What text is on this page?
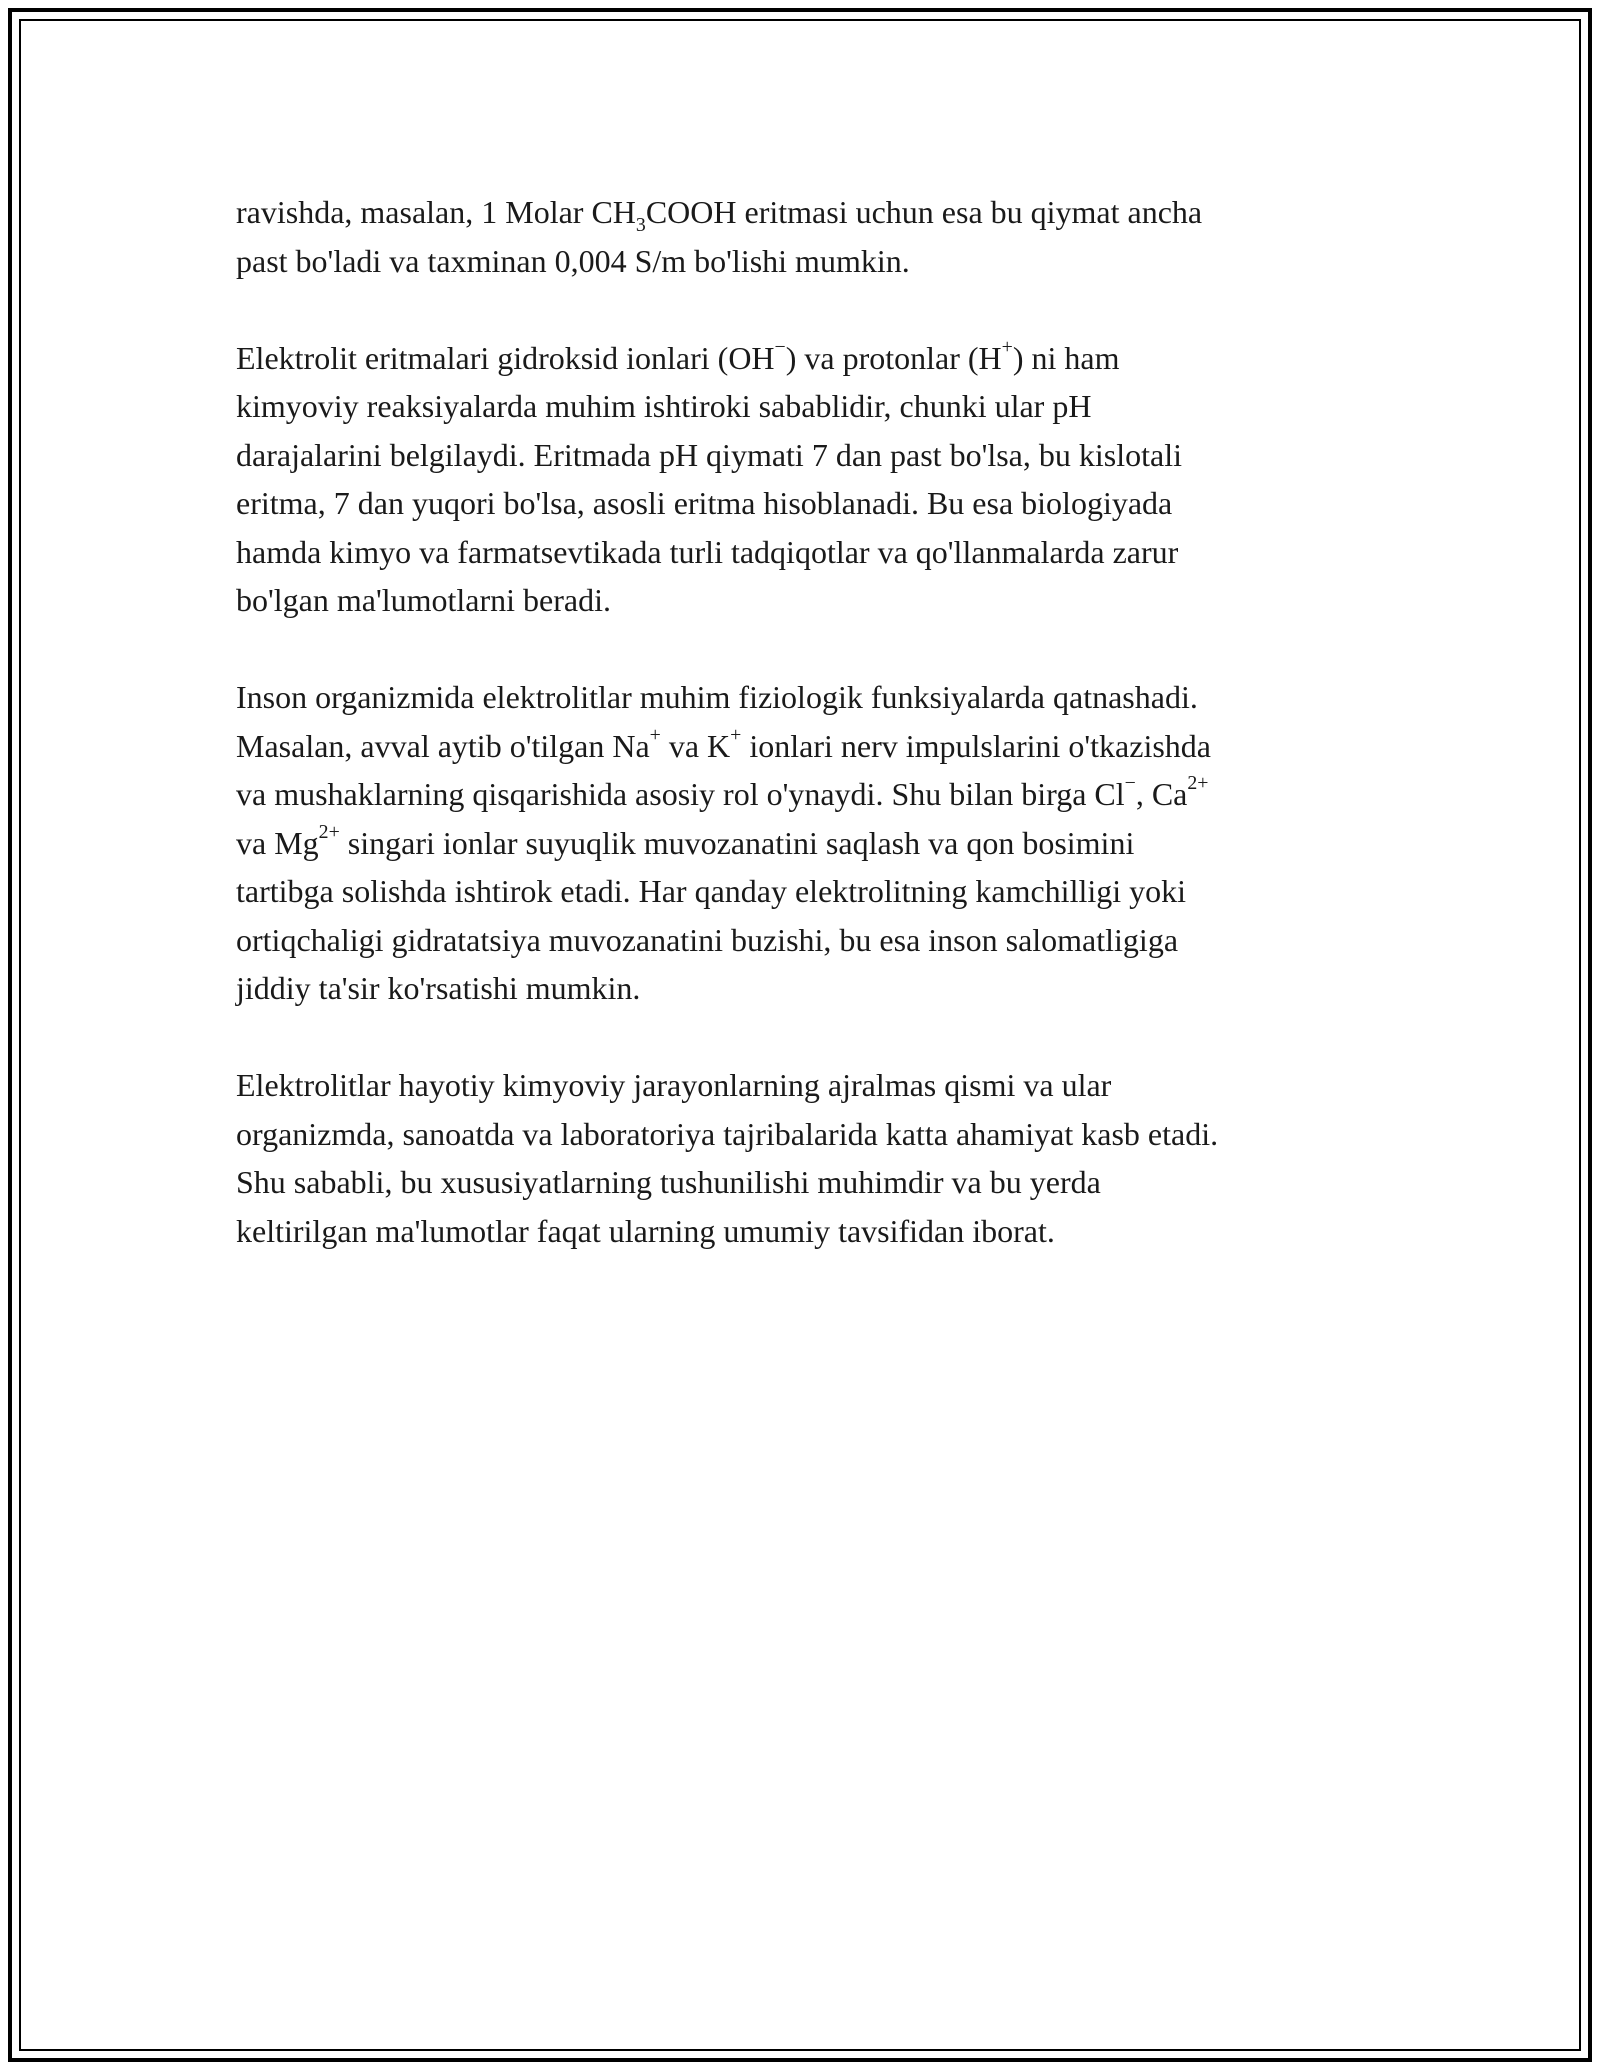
ravishda, masalan, 1 Molar $CH_3COOH$ eritmasi uchun esa bu qiymat ancha
past bo'ladi va taxminan 0,004 S/m bo'lishi mumkin.

Elektrolit eritmalari gidroksid ionlari (OH−) va protonlar (H+) ni ham
kimyoviy reaksiyalarda muhim ishtiroki sabablidir, chunki ular pH
darajalarini belgilaydi. Eritmada pH qiymati 7 dan past bo'lsa, bu kislotali
eritma, 7 dan yuqori bo'lsa, asosli eritma hisoblanadi. Bu esa biologiyada
hamda kimyo va farmatsevtikada turli tadqiqotlar va qo'llanmalarda zarur
bo'lgan ma'lumotlarni beradi.

Inson organizmida elektrolitlar muhim fiziologik funksiyalarda qatnashadi.
Masalan, avval aytib o'tilgan Na+ va K+ ionlari nerv impulslarini o'tkazishda
va mushaklarning qisqarishida asosiy rol o'ynaydi. Shu bilan birga Cl−, $Ca^{2+}$
va $Mg^{2+}$ singari ionlar suyuqlik muvozanatini saqlash va qon bosimini
tartibga solishda ishtirok etadi. Har qanday elektrolitning kamchilligi yoki
ortiqchaligi gidratatsiya muvozanatini buzishi, bu esa inson salomatligiga
jiddiy ta'sir ko'rsatishi mumkin.

Elektrolitlar hayotiy kimyoviy jarayonlarning ajralmas qismi va ular
organizmda, sanoatda va laboratoriya tajribalarida katta ahamiyat kasb etadi.
Shu sababli, bu xususiyatlarning tushunilishi muhimdir va bu yerda
keltirilgan ma'lumotlar faqat ularning umumiy tavsifidan iborat.
